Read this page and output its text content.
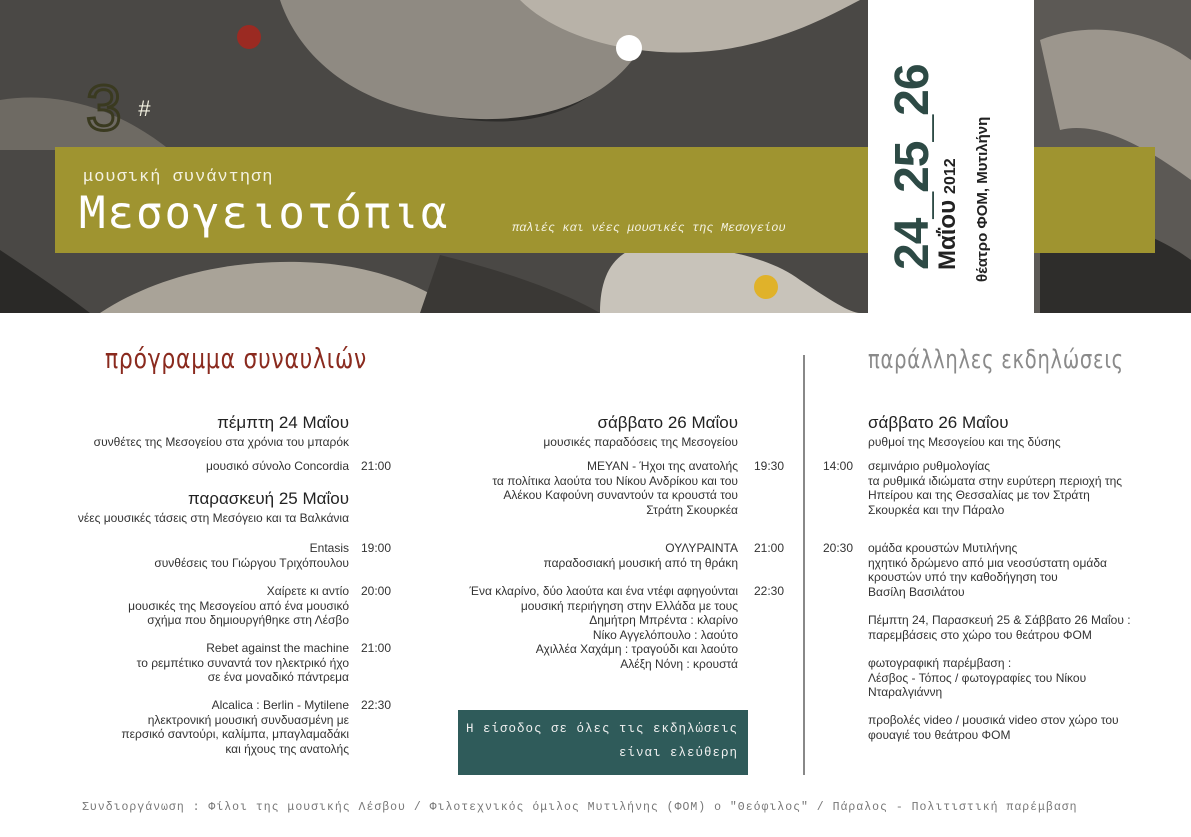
3 #
μουσική συνάντηση
Μεσογειοτόπια	παλιές και νέες μουσικές της Μεσογείου 24_25_26
Μαΐου2012 θέατρο ΦΟΜ, Μυτιλήνη
πρόγραμμα συναυλιών	παράλληλες εκδηλώσεις
πέμπτη 24 Μαΐου
συνθέτες της Μεσογείου στα χρόνια του μπαρόκ
μουσικό σύνολο Concordia 21:00
παρασκευή 25 Μαΐου
νέες μουσικές τάσεις στη Μεσόγειο και τα Βαλκάνια
Entasis
συνθέσεις του Γιώργου Τριχόπουλου
19:00
Χαίρετε κι αντίο
μουσικές της Μεσογείου από ένα μουσικό
σχήμα που δημιουργήθηκε στη Λέσβο
20:00
Rebet against the machine
το ρεμπέτικο συναντά τον ηλεκτρικό ήχο
σε ένα μοναδικό πάντρεμα
21:00
Alcalica : Berlin - Mytilene
ηλεκτρονική μουσική συνδυασμένη με
περσικό σαντούρι, καλίμπα, μπαγλαμαδάκι
και ήχους της ανατολής
22:30
σάββατο 26 Μαΐου
μουσικές παραδόσεις της Μεσογείου
ΜΕΥΑΝ - Ήχοι της ανατολής
τα πολίτικα λαούτα του Νίκου Ανδρίκου και του
Αλέκου Καφούνη συναντούν τα κρουστά του
Στράτη Σκουρκέα
19:30
ΟΥΛΥΡΑΙΝΤΑ
παραδοσιακή μουσική από τη θράκη
21:00
Ένα κλαρίνο, δύο λαούτα και ένα ντέφι αφηγούνται
μουσική περιήγηση στην Ελλάδα με τους
Δημήτρη Μπρέντα : κλαρίνο
Νίκο Αγγελόπουλο : λαούτο
Αχιλλέα Χαχάμη : τραγούδι και λαούτο
Αλέξη Νόνη : κρουστά
22:30
Η είσοδος σε όλες τις εκδηλώσεις
είναι ελεύθερη
σάββατο 26 Μαΐου
ρυθμοί της Μεσογείου και της δύσης
14:00 σεμινάριο ρυθμολογίας
τα ρυθμικά ιδιώματα στην ευρύτερη περιοχή της
Ηπείρου και της Θεσσαλίας με τον Στράτη
Σκουρκέα και την Πάραλο
20:30 ομάδα κρουστών Μυτιλήνης
ηχητικό δρώμενο από μια νεοσύστατη ομάδα
κρουστών υπό την καθοδήγηση του
Βασίλη Βασιλάτου
Πέμπτη 24, Παρασκευή 25 & Σάββατο 26 Μαΐου :
παρεμβάσεις στο χώρο του θεάτρου ΦΟΜ
φωτογραφική παρέμβαση :
Λέσβος - Τόπος / φωτογραφίες του Νίκου
Νταραλγιάννη
προβολές video / μουσικά video στον χώρο του
φουαγιέ του θεάτρου ΦΟΜ
Συνδιοργάνωση : Φίλοι της μουσικής Λέσβου / Φιλοτεχνικός όμιλος Μυτιλήνης (ΦΟΜ) ο "Θεόφιλος" / Πάραλος - Πολιτιστική παρέμβαση
